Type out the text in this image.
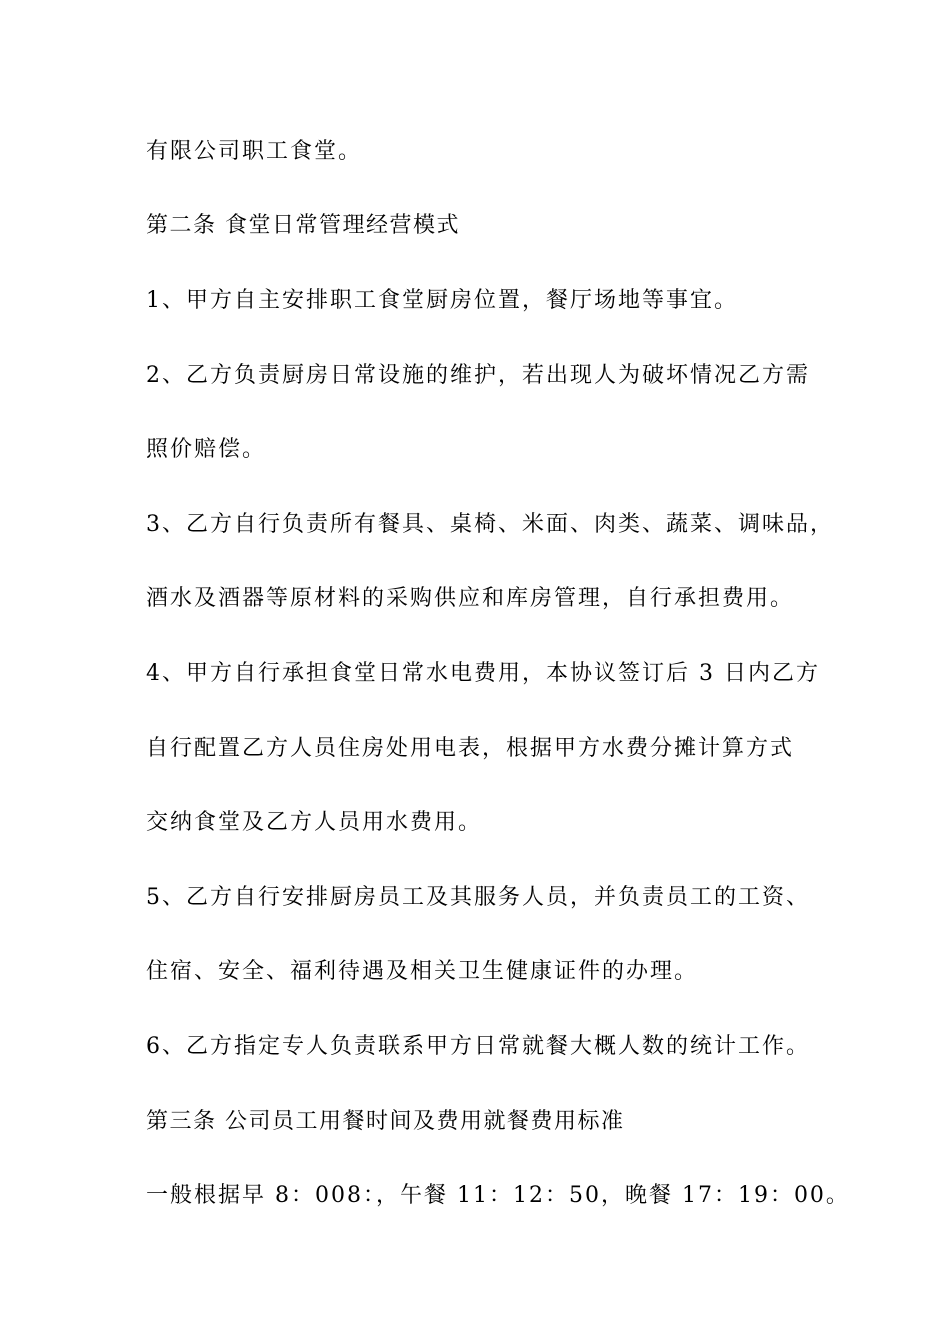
有限公司职工食堂。

第二条 食堂日常管理经营模式

1、甲方自主安排职工食堂厨房位置，餐厅场地等事宜。

2、乙方负责厨房日常设施的维护，若出现人为破坏情况乙方需

照价赔偿。

3、乙方自行负责所有餐具、桌椅、米面、肉类、蔬菜、调味品，

酒水及酒器等原材料的采购供应和库房管理，自行承担费用。

4、甲方自行承担食堂日常水电费用，本协议签订后 3 日内乙方

自行配置乙方人员住房处用电表，根据甲方水费分摊计算方式

交纳食堂及乙方人员用水费用。

5、乙方自行安排厨房员工及其服务人员，并负责员工的工资、

住宿、安全、福利待遇及相关卫生健康证件的办理。

6、乙方指定专人负责联系甲方日常就餐大概人数的统计工作。

第三条 公司员工用餐时间及费用就餐费用标准

一般根据早 8：008：，午餐 11：12：50，晚餐 17：19：00。
